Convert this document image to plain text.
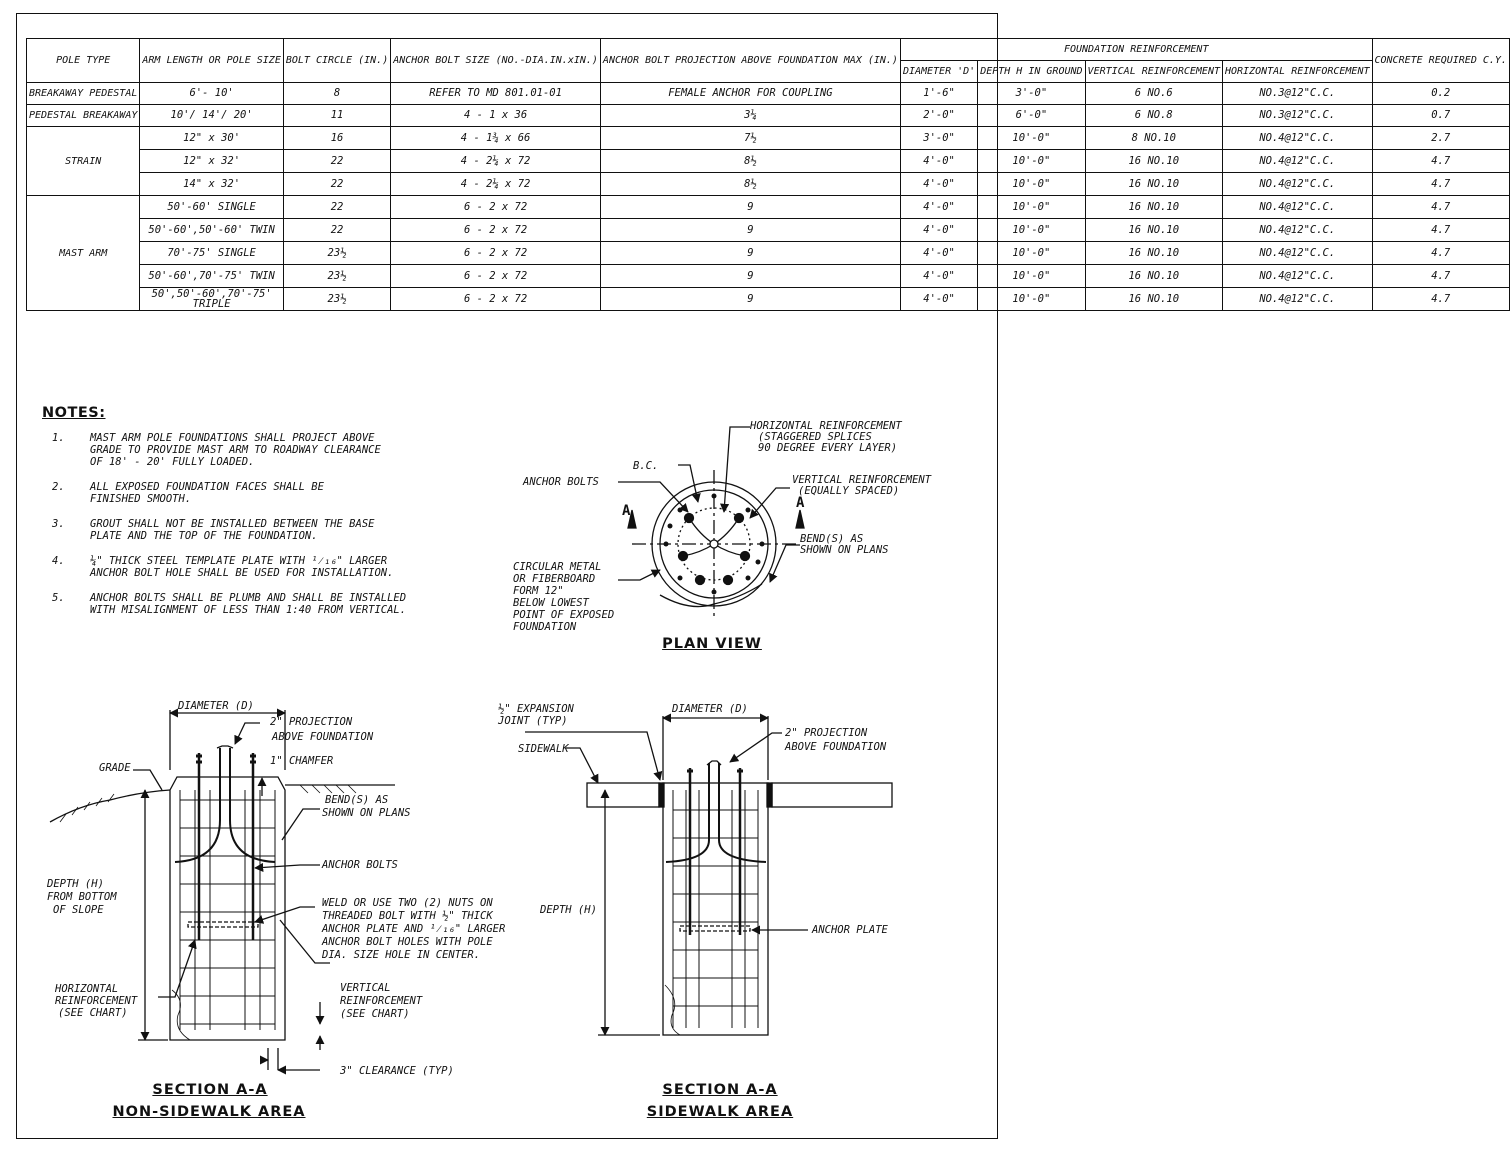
POLE TYPE	ARM LENGTH OR POLE SIZE	BOLT CIRCLE (IN.)	ANCHOR BOLT SIZE (NO.-DIA.IN.xIN.)	ANCHOR BOLT PROJECTION ABOVE FOUNDATION MAX (IN.)	FOUNDATION REINFORCEMENT				CONCRETE REQUIRED C.Y.
					DIAMETER 'D'	DEPTH H IN GROUND	VERTICAL REINFORCEMENT	HORIZONTAL REINFORCEMENT	
BREAKAWAY PEDESTAL	6'- 10'	8	REFER TO MD 801.01-01	FEMALE ANCHOR FOR COUPLING	1'-6"	3'-0"	6 NO.6	NO.3@12"C.C.	0.2
PEDESTAL BREAKAWAY	10'/ 14'/ 20'	11	4 - 1 x 36	3¼	2'-0"	6'-0"	6 NO.8	NO.3@12"C.C.	0.7
STRAIN	12" x 30'	16	4 - 1¾ x 66	7½	3'-0"	10'-0"	8 NO.10	NO.4@12"C.C.	2.7
	12" x 32'	22	4 - 2¼ x 72	8½	4'-0"	10'-0"	16 NO.10	NO.4@12"C.C.	4.7
	14" x 32'	22	4 - 2¼ x 72	8½	4'-0"	10'-0"	16 NO.10	NO.4@12"C.C.	4.7
MAST ARM	50'-60' SINGLE	22	6 - 2 x 72	9	4'-0"	10'-0"	16 NO.10	NO.4@12"C.C.	4.7
	50'-60',50'-60' TWIN	22	6 - 2 x 72	9	4'-0"	10'-0"	16 NO.10	NO.4@12"C.C.	4.7
	70'-75' SINGLE	23½	6 - 2 x 72	9	4'-0"	10'-0"	16 NO.10	NO.4@12"C.C.	4.7
	50'-60',70'-75' TWIN	23½	6 - 2 x 72	9	4'-0"	10'-0"	16 NO.10	NO.4@12"C.C.	4.7
	50',50'-60',70'-75' TRIPLE	23½	6 - 2 x 72	9	4'-0"	10'-0"	16 NO.10	NO.4@12"C.C.	4.7
NOTES:
1. MAST ARM POLE FOUNDATIONS SHALL PROJECT ABOVE
GRADE TO PROVIDE MAST ARM TO ROADWAY CLEARANCE
OF 18' - 20' FULLY LOADED.
2. ALL EXPOSED FOUNDATION FACES SHALL BE
FINISHED SMOOTH.
3. GROUT SHALL NOT BE INSTALLED BETWEEN THE BASE
PLATE AND THE TOP OF THE FOUNDATION.
4. ¼" THICK STEEL TEMPLATE PLATE WITH ¹⁄₁₆" LARGER
ANCHOR BOLT HOLE SHALL BE USED FOR INSTALLATION.
5. ANCHOR BOLTS SHALL BE PLUMB AND SHALL BE INSTALLED
WITH MISALIGNMENT OF LESS THAN 1:40 FROM VERTICAL.
B.C.
ANCHOR BOLTS
A	A
HORIZONTAL REINFORCEMENT
(STAGGERED SPLICES
90 DEGREE EVERY LAYER)
VERTICAL REINFORCEMENT
(EQUALLY SPACED)
BEND(S) AS
SHOWN ON PLANS
CIRCULAR METAL
OR FIBERBOARD
FORM 12"
BELOW LOWEST
POINT OF EXPOSED
FOUNDATION
DIAMETER (D)
2" PROJECTION
ABOVE FOUNDATION
1" CHAMFER
GRADE
BEND(S) AS
SHOWN ON PLANS
ANCHOR BOLTS
DEPTH (H)
FROM BOTTOM
OF SLOPE
WELD OR USE TWO (2) NUTS ON
THREADED BOLT WITH ½" THICK
ANCHOR PLATE AND ¹⁄₁₆" LARGER
ANCHOR BOLT HOLES WITH POLE
DIA. SIZE HOLE IN CENTER.
HORIZONTAL
REINFORCEMENT
(SEE CHART)
VERTICAL
REINFORCEMENT
(SEE CHART)
3" CLEARANCE (TYP)
½" EXPANSION
JOINT (TYP)
DIAMETER (D)
2" PROJECTION
ABOVE FOUNDATION
SIDEWALK
DEPTH (H)
ANCHOR PLATE
PLAN VIEW
SECTION A-A
NON-SIDEWALK AREA
SECTION A-A
SIDEWALK AREA
